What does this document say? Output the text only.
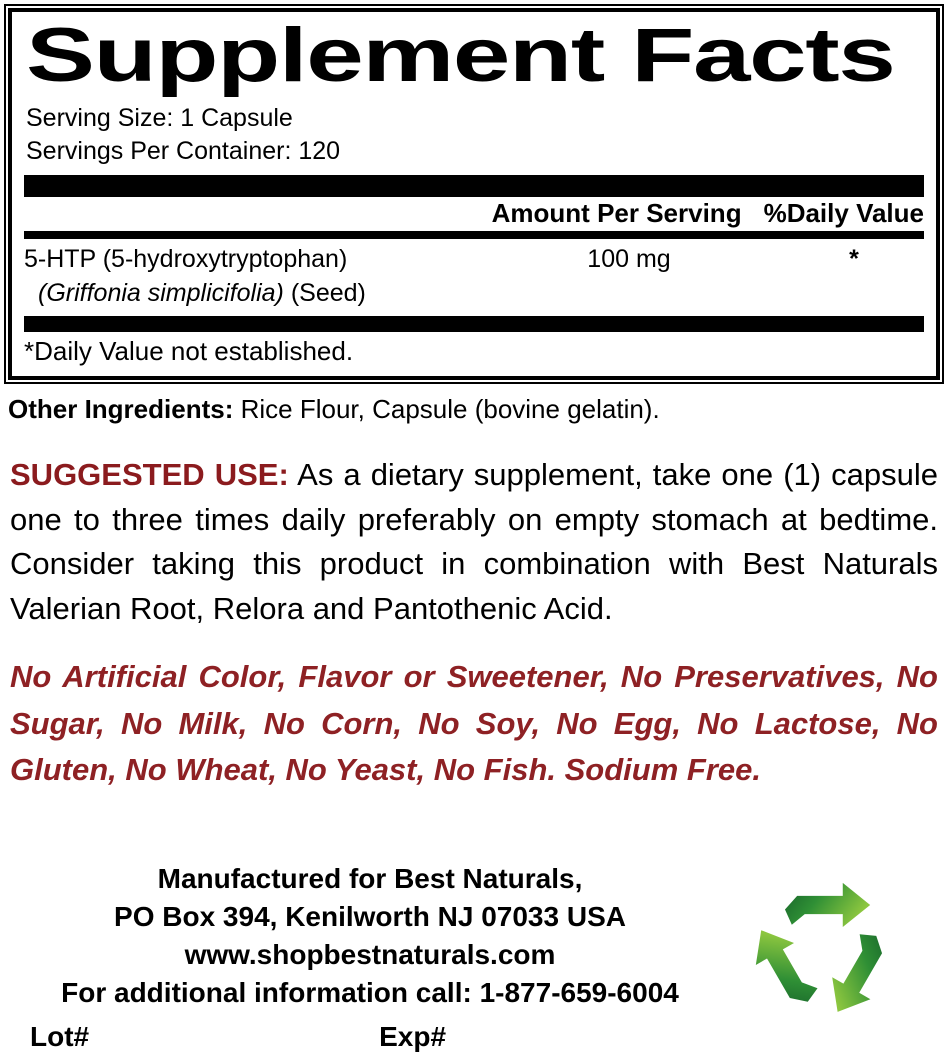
Supplement Facts
Serving Size: 1 Capsule
Servings Per Container: 120
Amount Per Serving %Daily Value
5-HTP (5-hydroxytryptophan)
(Griffonia simplicifolia) (Seed)
100 mg	*
*Daily Value not established.

Other Ingredients: Rice Flour, Capsule (bovine gelatin).

SUGGESTED USE: As a dietary supplement, take one (1) capsule one to three times daily preferably on empty stomach at bedtime. Consider taking this product in combination with Best Naturals Valerian Root, Relora and Pantothenic Acid.

No Artificial Color, Flavor or Sweetener, No Preservatives, No Sugar, No Milk, No Corn, No Soy, No Egg, No Lactose, No Gluten, No Wheat, No Yeast, No Fish. Sodium Free.

Manufactured for Best Naturals,
PO Box 394, Kenilworth NJ 07033 USA
www.shopbestnaturals.com
For additional information call: 1-877-659-6004
Lot#	Exp#
